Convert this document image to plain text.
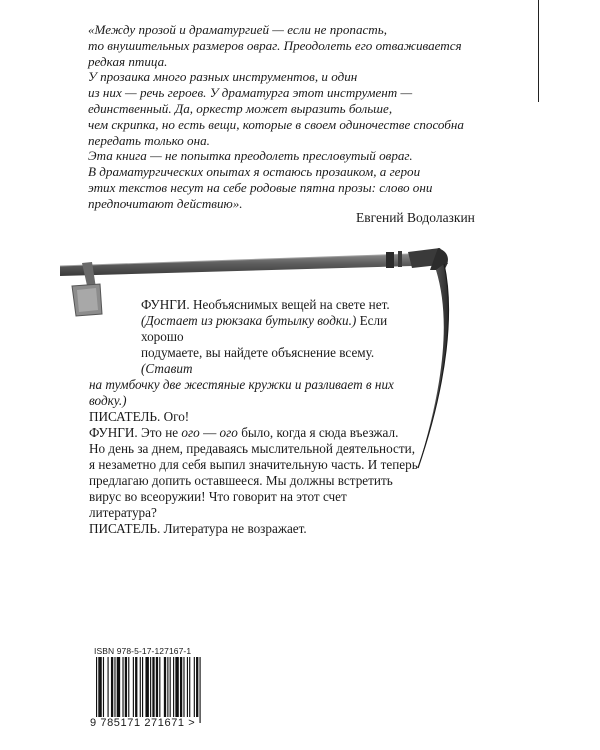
«Между прозой и драматургией — если не пропасть,

то внушительных размеров овраг. Преодолеть его отваживается

редкая птица.

У прозаика много разных инструментов, и один

из них — речь героев. У драматурга этот инструмент —

единственный. Да, оркестр может выразить больше,

чем скрипка, но есть вещи, которые в своем одиночестве способна

передать только она.

Эта книга — не попытка преодолеть пресловутый овраг.

В драматургических опытах я остаюсь прозаиком, а герои

этих текстов несут на себе родовые пятна прозы: слово они

предпочитают действию».

Евгений Водолазкин

ФУНГИ. Необъяснимых вещей на свете нет.

(Достает из рюкзака бутылку водки.) Если хорошо

подумаете, вы найдете объяснение всему. (Ставит

на тумбочку две жестяные кружки и разливает в них водку.)

ПИСАТЕЛЬ. Ого!

ФУНГИ. Это не ого — ого было, когда я сюда въезжал.

Но день за днем, предаваясь мыслительной деятельности,

я незаметно для себя выпил значительную часть. И теперь

предлагаю допить оставшееся. Мы должны встретить

вирус во всеоружии! Что говорит на этот счет

литература?

ПИСАТЕЛЬ. Литература не возражает.

ISBN 978-5-17-127167-1
9 785171 271671 >
